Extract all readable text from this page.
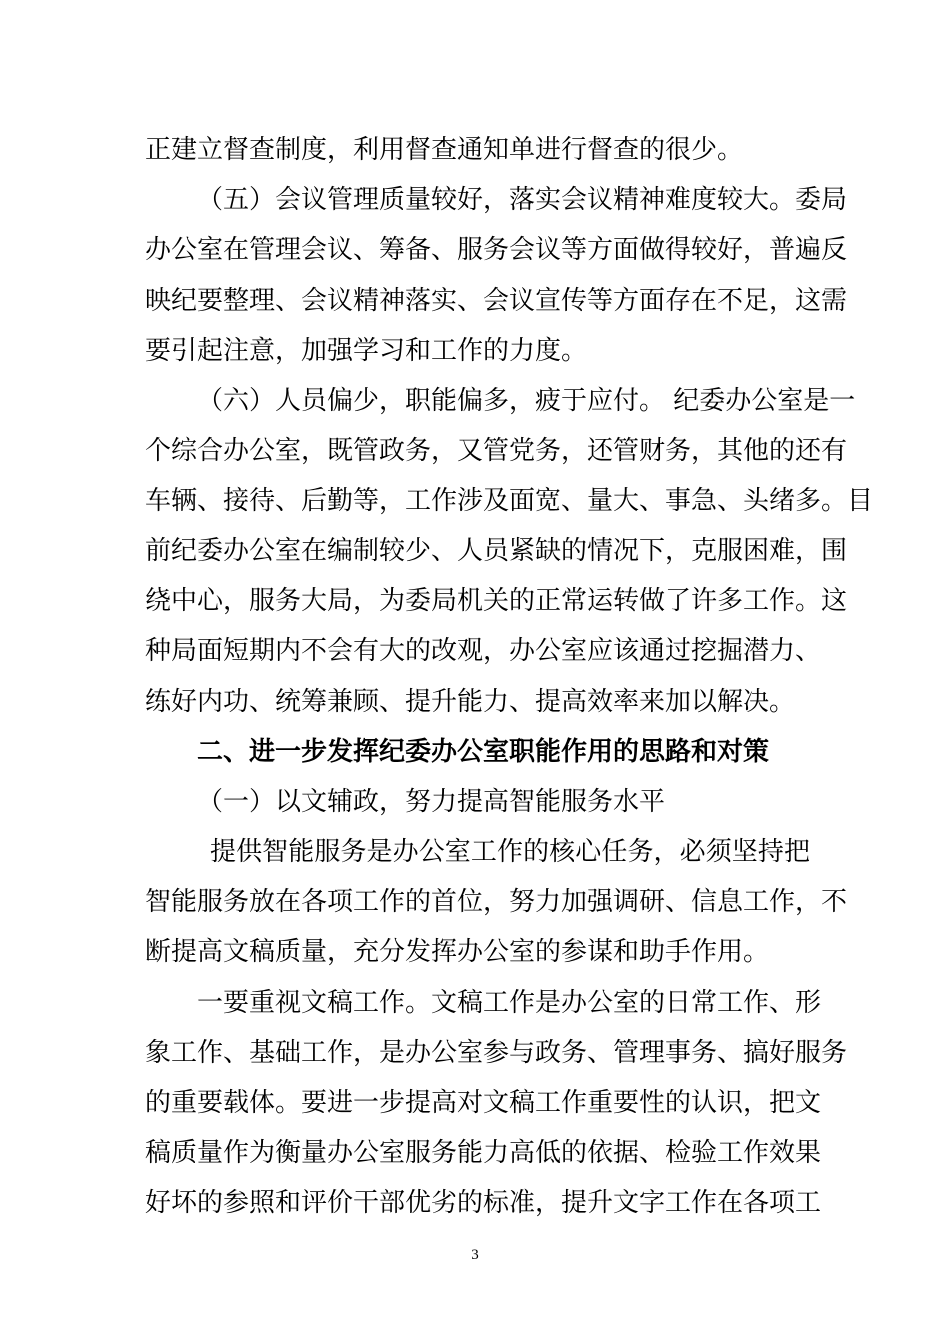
正建立督查制度，利用督查通知单进行督查的很少。
（五）会议管理质量较好，落实会议精神难度较大。委局
办公室在管理会议、筹备、服务会议等方面做得较好，普遍反
映纪要整理、会议精神落实、会议宣传等方面存在不足，这需
要引起注意，加强学习和工作的力度。
（六）人员偏少，职能偏多，疲于应付。 纪委办公室是一
个综合办公室，既管政务，又管党务，还管财务，其他的还有
车辆、接待、后勤等，工作涉及面宽、量大、事急、头绪多。目
前纪委办公室在编制较少、人员紧缺的情况下，克服困难，围
绕中心，服务大局，为委局机关的正常运转做了许多工作。这
种局面短期内不会有大的改观，办公室应该通过挖掘潜力、
练好内功、统筹兼顾、提升能力、提高效率来加以解决。
二、进一步发挥纪委办公室职能作用的思路和对策
（一）以文辅政，努力提高智能服务水平
提供智能服务是办公室工作的核心任务，必须坚持把
智能服务放在各项工作的首位，努力加强调研、信息工作，不
断提高文稿质量，充分发挥办公室的参谋和助手作用。
一要重视文稿工作。文稿工作是办公室的日常工作、形
象工作、基础工作，是办公室参与政务、管理事务、搞好服务
的重要载体。要进一步提高对文稿工作重要性的认识，把文
稿质量作为衡量办公室服务能力高低的依据、检验工作效果
好坏的参照和评价干部优劣的标准，提升文字工作在各项工
3
